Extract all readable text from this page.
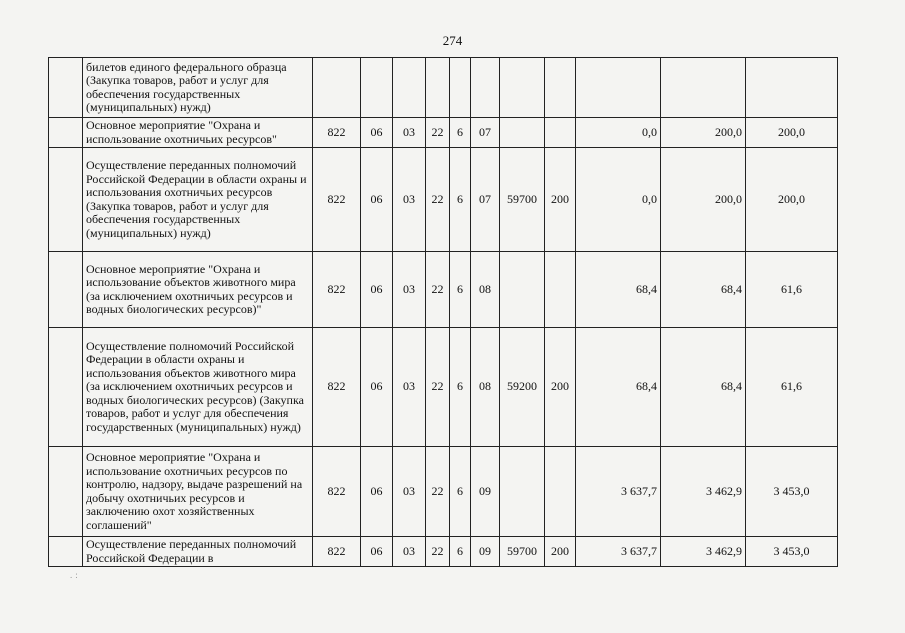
274
	билетов единого федерального образца (Закупка товаров, работ и услуг для обеспечения государственных (муниципальных) нужд)											
	Основное мероприятие "Охрана и использование охотничьих ресурсов"	822	06	03	22	6	07			0,0	200,0	200,0
	Осуществление переданных полномочий Российской Федерации в области охраны и использования охотничьих ресурсов (Закупка товаров, работ и услуг для обеспечения государственных (муниципальных) нужд)	822	06	03	22	6	07	59700	200	0,0	200,0	200,0
	Основное мероприятие "Охрана и использование объектов животного мира (за исключением охотничьих ресурсов и водных биологических ресурсов)"	822	06	03	22	6	08			68,4	68,4	61,6
	Осуществление полномочий Российской Федерации в области охраны и использования объектов животного мира (за исключением охотничьих ресурсов и водных биологических ресурсов) (Закупка товаров, работ и услуг для обеспечения государственных (муниципальных) нужд)	822	06	03	22	6	08	59200	200	68,4	68,4	61,6
	Основное мероприятие "Охрана и использование охотничьих ресурсов по контролю, надзору, выдаче разрешений на добычу охотничьих ресурсов и заключению охот хозяйственных соглашений"	822	06	03	22	6	09			3 637,7	3 462,9	3 453,0
	Осуществление переданных полномочий Российской Федерации в	822	06	03	22	6	09	59700	200	3 637,7	3 462,9	3 453,0
.:
